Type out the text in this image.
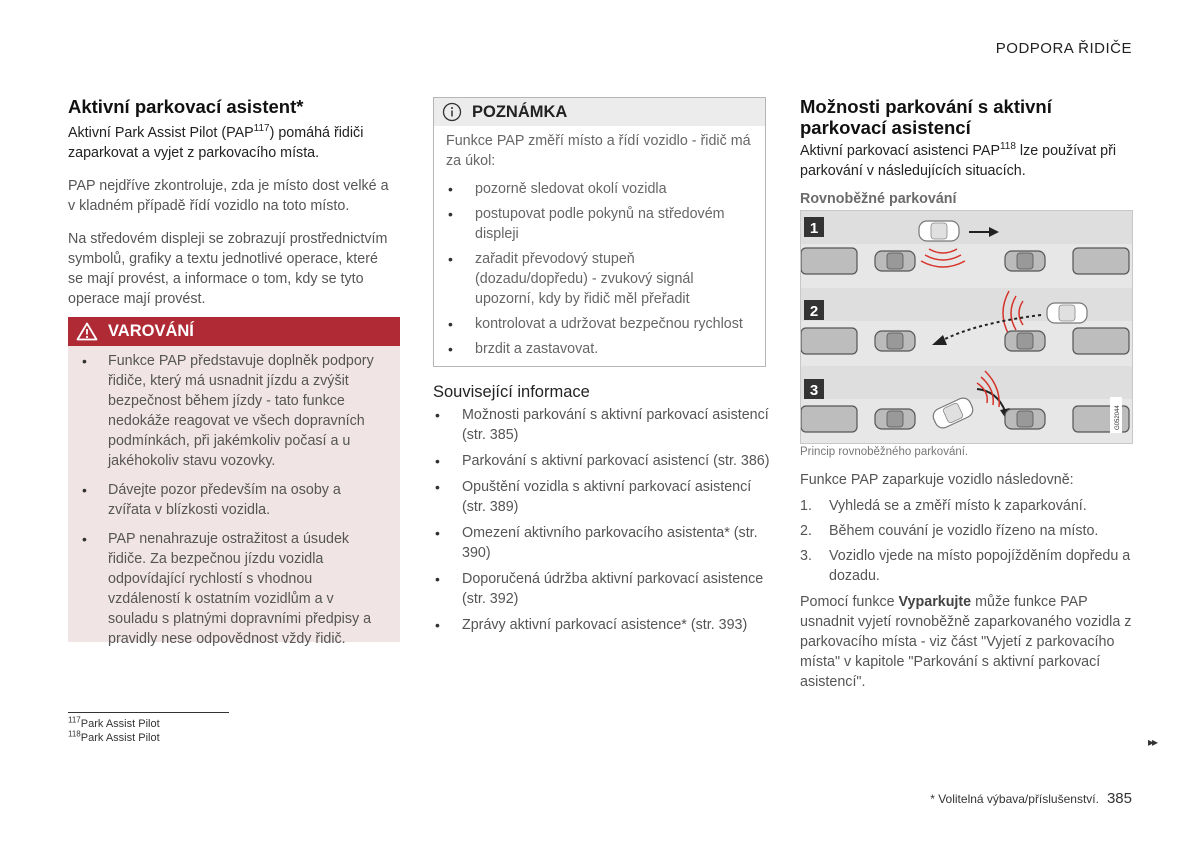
PODPORA ŘIDIČE
Aktivní parkovací asistent*

Aktivní Park Assist Pilot (PAP$^{117}$) pomáhá řidiči zaparkovat a vyjet z parkovacího místa.

PAP nejdříve zkontroluje, zda je místo dost velké a v kladném případě řídí vozidlo na toto místo.

Na středovém displeji se zobrazují prostřednictvím symbolů, grafiky a textu jednotlivé operace, které se mají provést, a informace o tom, kdy se tyto operace mají provést.

VAROVÁNÍ
• Funkce PAP představuje doplněk podpory řidiče, který má usnadnit jízdu a zvýšit bezpečnost během jízdy - tato funkce nedokáže reagovat ve všech dopravních podmínkách, při jakémkoliv počasí a u jakéhokoliv stavu vozovky.
• Dávejte pozor především na osoby a zvířata v blízkosti vozidla.
• PAP nenahrazuje ostražitost a úsudek řidiče. Za bezpečnou jízdu vozidla odpovídající rychlostí s vhodnou vzdáleností k ostatním vozidlům a v souladu s platnými dopravními předpisy a pravidly nese odpovědnost vždy řidič.
POZNÁMKA

Funkce PAP změří místo a řídí vozidlo - řidič má za úkol:

• pozorně sledovat okolí vozidla
• postupovat podle pokynů na středovém displeji
• zařadit převodový stupeň (dozadu/dopředu) - zvukový signál upozorní, kdy by řidič měl přeřadit
• kontrolovat a udržovat bezpečnou rychlost
• brzdit a zastavovat.
Související informace
• Možnosti parkování s aktivní parkovací asistencí (str. 385)
• Parkování s aktivní parkovací asistencí (str. 386)
• Opuštění vozidla s aktivní parkovací asistencí (str. 389)
• Omezení aktivního parkovacího asistenta* (str. 390)
• Doporučená údržba aktivní parkovací asistence (str. 392)
• Zprávy aktivní parkovací asistence* (str. 393)
Možnosti parkování s aktivní parkovací asistencí

Aktivní parkovací asistenci PAP$^{118}$ lze používat při parkování v následujících situacích.

Rovnoběžné parkování
1
2
3
G052044
Princip rovnoběžného parkování.

Funkce PAP zaparkuje vozidlo následovně:

1. Vyhledá se a změří místo k zaparkování.
2. Během couvání je vozidlo řízeno na místo.
3. Vozidlo vjede na místo popojížděním dopředu a dozadu.

Pomocí funkce Vyparkujte může funkce PAP usnadnit vyjetí rovnoběžně zaparkovaného vozidla z parkovacího místa - viz část "Vyjetí z parkovacího místa" v kapitole "Parkování s aktivní parkovací asistencí".

$^{117}$Park Assist Pilot
$^{118}$Park Assist Pilot	▸▸
* Volitelná výbava/příslušenství. 385
